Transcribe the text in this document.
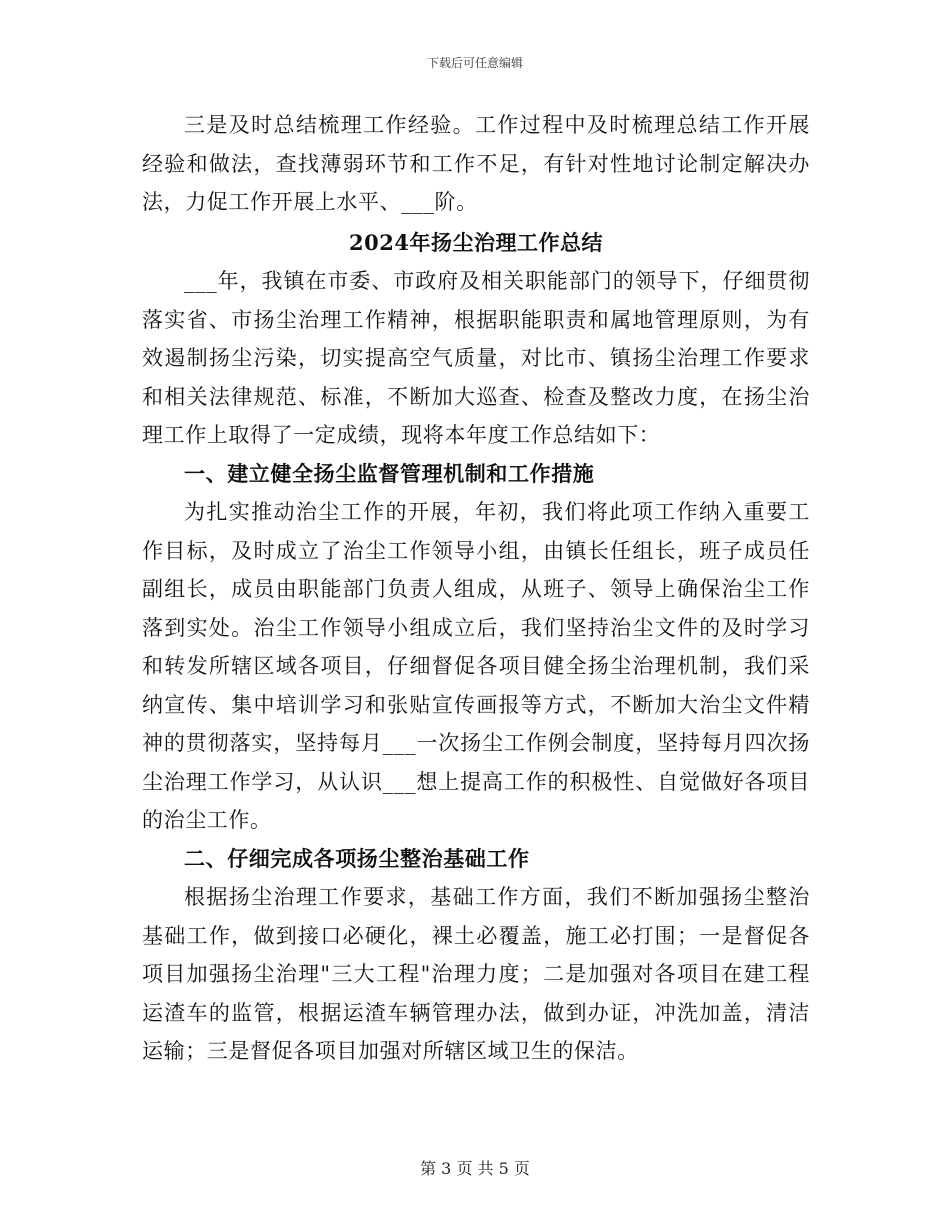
下载后可任意编辑

三是及时总结梳理工作经验。工作过程中及时梳理总结工作开展经验和做法，查找薄弱环节和工作不足，有针对性地讨论制定解决办法，力促工作开展上水平、___阶。

2024年扬尘治理工作总结

___年，我镇在市委、市政府及相关职能部门的领导下，仔细贯彻落实省、市扬尘治理工作精神，根据职能职责和属地管理原则，为有效遏制扬尘污染，切实提高空气质量，对比市、镇扬尘治理工作要求和相关法律规范、标准，不断加大巡查、检查及整改力度，在扬尘治理工作上取得了一定成绩，现将本年度工作总结如下：

一、建立健全扬尘监督管理机制和工作措施

为扎实推动治尘工作的开展，年初，我们将此项工作纳入重要工作目标，及时成立了治尘工作领导小组，由镇长任组长，班子成员任副组长，成员由职能部门负责人组成，从班子、领导上确保治尘工作落到实处。治尘工作领导小组成立后，我们坚持治尘文件的及时学习和转发所辖区域各项目，仔细督促各项目健全扬尘治理机制，我们采纳宣传、集中培训学习和张贴宣传画报等方式，不断加大治尘文件精神的贯彻落实，坚持每月___一次扬尘工作例会制度，坚持每月四次扬尘治理工作学习，从认识___想上提高工作的积极性、自觉做好各项目的治尘工作。

二、仔细完成各项扬尘整治基础工作

根据扬尘治理工作要求，基础工作方面，我们不断加强扬尘整治基础工作，做到接口必硬化，裸土必覆盖，施工必打围；一是督促各项目加强扬尘治理"三大工程"治理力度；二是加强对各项目在建工程运渣车的监管，根据运渣车辆管理办法，做到办证，冲洗加盖，清洁运输；三是督促各项目加强对所辖区域卫生的保洁。

第 3 页 共 5 页
